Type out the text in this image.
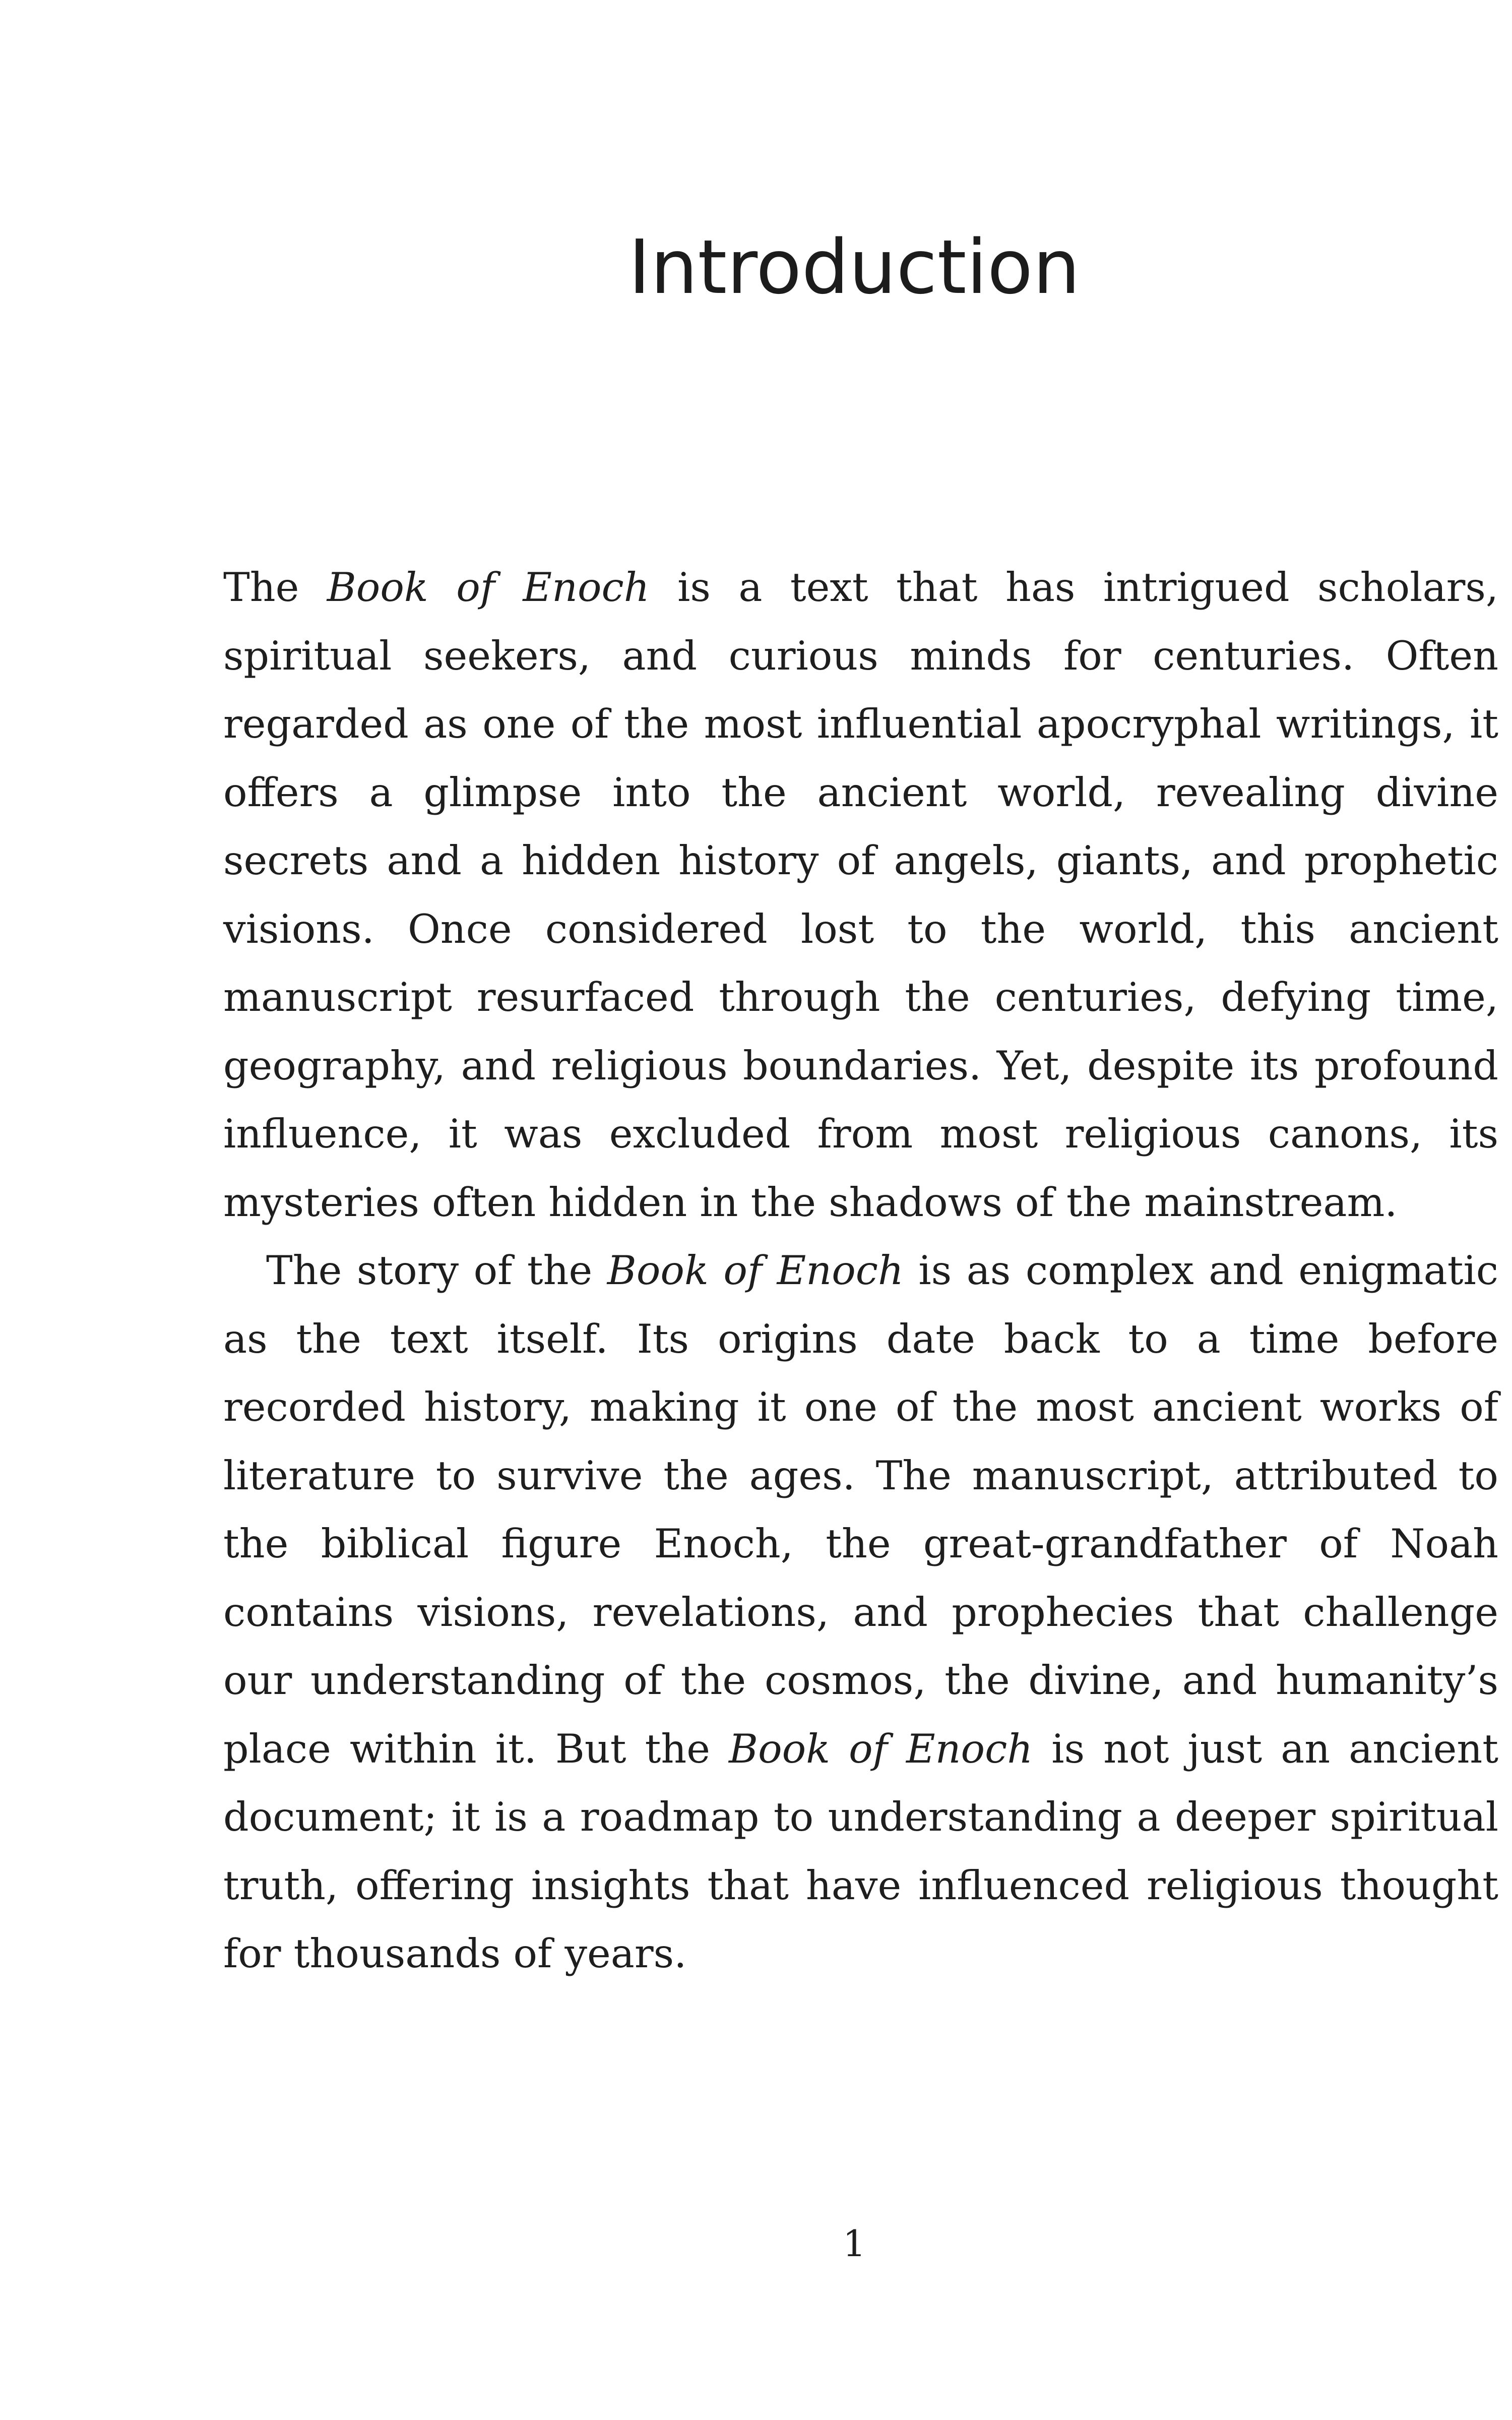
Introduction

The Book of Enoch is a text that has intrigued scholars, spiritual seekers, and curious minds for centuries. Often regarded as one of the most influential apocryphal writings, it offers a glimpse into the ancient world, revealing divine secrets and a hidden history of angels, giants, and prophetic visions. Once considered lost to the world, this ancient manuscript resurfaced through the centuries, defying time, geography, and religious boundaries. Yet, despite its profound influence, it was excluded from most religious canons, its mysteries often hidden in the shadows of the mainstream.

The story of the Book of Enoch is as complex and enigmatic as the text itself. Its origins date back to a time before recorded history, making it one of the most ancient works of literature to survive the ages. The manuscript, attributed to the biblical figure Enoch, the great-grandfather of Noah contains visions, revelations, and prophecies that challenge our understanding of the cosmos, the divine, and humanity’s place within it. But the Book of Enoch is not just an ancient document; it is a roadmap to understanding a deeper spiritual truth, offering insights that have influenced religious thought for thousands of years.

1
